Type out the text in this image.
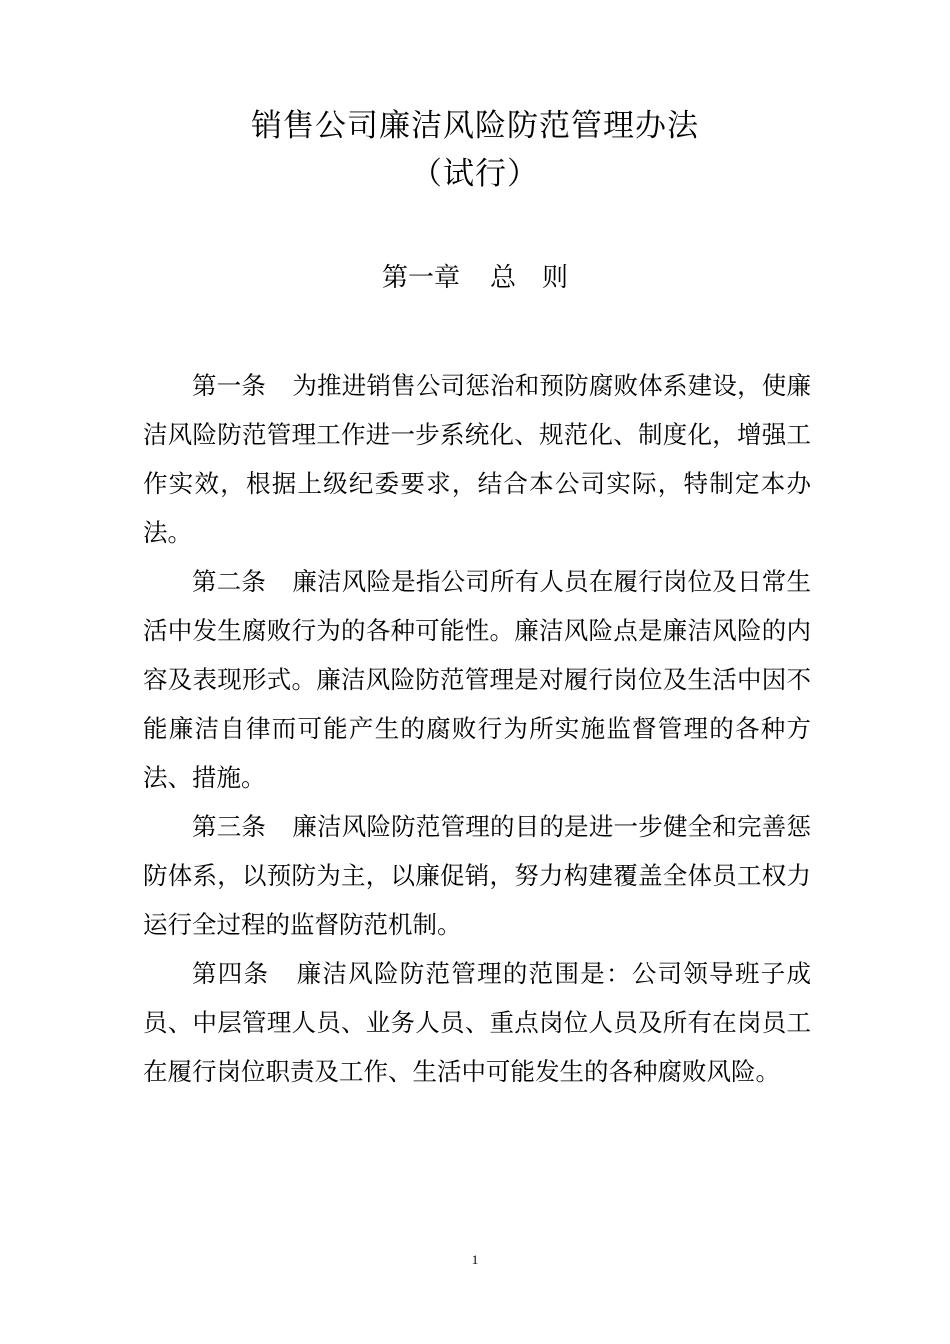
销售公司廉洁风险防范管理办法
（试行）
第一章 总　则

第一条 为推进销售公司惩治和预防腐败体系建设，使廉洁风险防范管理工作进一步系统化、规范化、制度化，增强工作实效，根据上级纪委要求，结合本公司实际，特制定本办法。

第二条 廉洁风险是指公司所有人员在履行岗位及日常生活中发生腐败行为的各种可能性。廉洁风险点是廉洁风险的内容及表现形式。廉洁风险防范管理是对履行岗位及生活中因不能廉洁自律而可能产生的腐败行为所实施监督管理的各种方法、措施。

第三条 廉洁风险防范管理的目的是进一步健全和完善惩防体系，以预防为主，以廉促销，努力构建覆盖全体员工权力运行全过程的监督防范机制。

第四条 廉洁风险防范管理的范围是：公司领导班子成员、中层管理人员、业务人员、重点岗位人员及所有在岗员工在履行岗位职责及工作、生活中可能发生的各种腐败风险。

1
